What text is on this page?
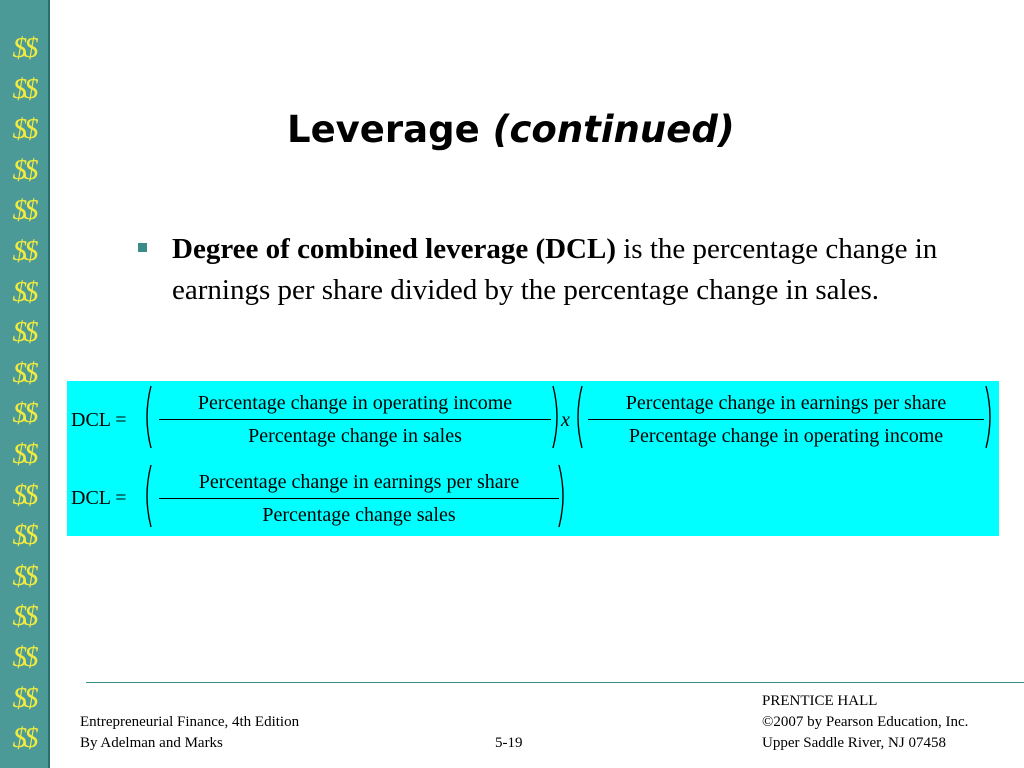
$$
$$
$$
$$
$$
$$
$$
$$
$$
$$
$$
$$
$$
$$
$$
$$
$$
$$
Leverage (continued)
Degree of combined leverage (DCL) is the percentage change in earnings per share divided by the percentage change in sales.
DCL =
Percentage change in operating income
Percentage change in sales
x
Percentage change in earnings per share
Percentage change in operating income
DCL =
Percentage change in earnings per share
Percentage change sales
Entrepreneurial Finance, 4th Edition
By Adelman and Marks	5-19
PRENTICE HALL
©2007 by Pearson Education, Inc.
Upper Saddle River, NJ 07458
